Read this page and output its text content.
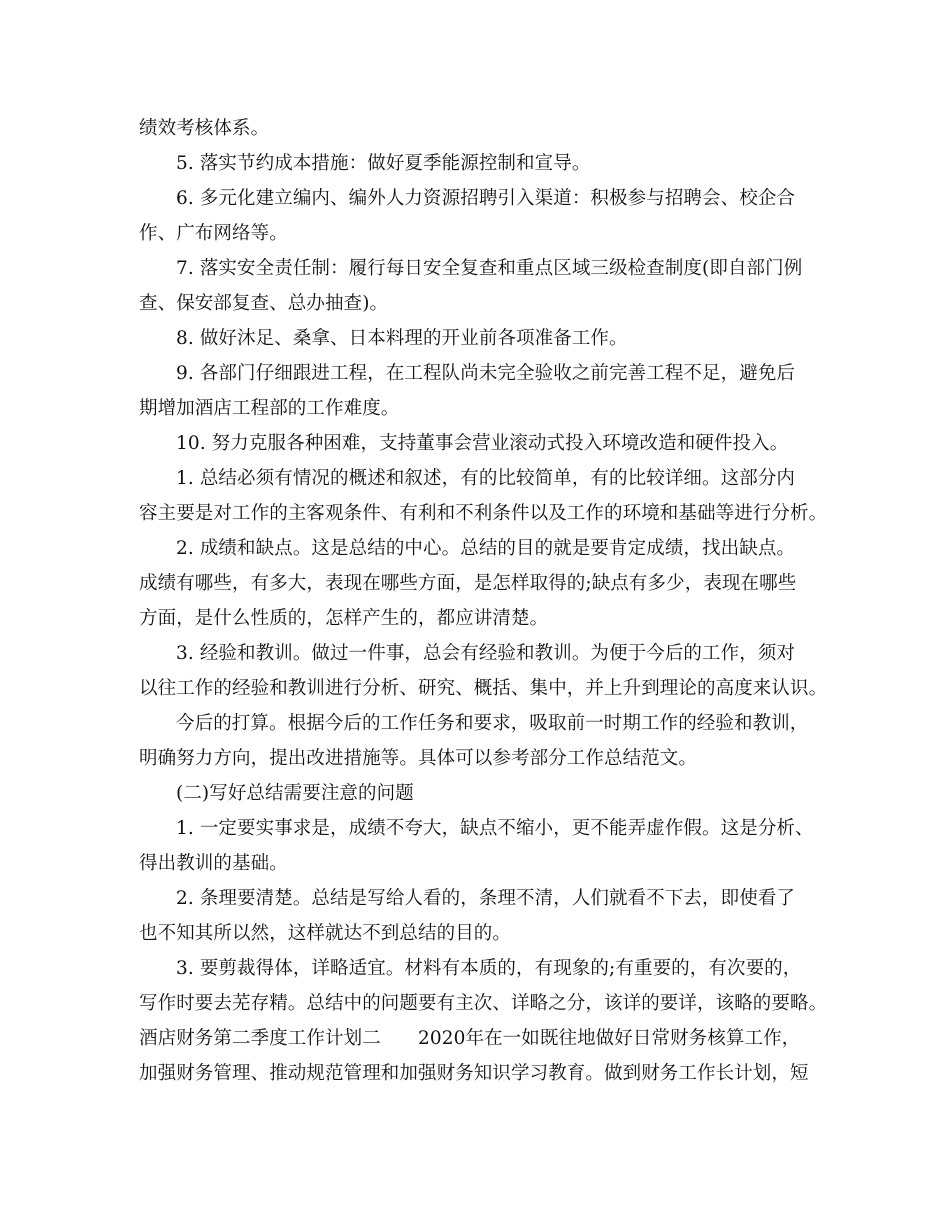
绩效考核体系。
5. 落实节约成本措施：做好夏季能源控制和宣导。
6. 多元化建立编内、编外人力资源招聘引入渠道：积极参与招聘会、校企合
作、广布网络等。
7. 落实安全责任制：履行每日安全复查和重点区域三级检查制度(即自部门例
查、保安部复查、总办抽查)。
8. 做好沐足、桑拿、日本料理的开业前各项准备工作。
9. 各部门仔细跟进工程，在工程队尚未完全验收之前完善工程不足，避免后
期增加酒店工程部的工作难度。
10. 努力克服各种困难，支持董事会营业滚动式投入环境改造和硬件投入。
1. 总结必须有情况的概述和叙述，有的比较简单，有的比较详细。这部分内
容主要是对工作的主客观条件、有利和不利条件以及工作的环境和基础等进行分析。
2. 成绩和缺点。这是总结的中心。总结的目的就是要肯定成绩，找出缺点。
成绩有哪些，有多大，表现在哪些方面，是怎样取得的;缺点有多少，表现在哪些
方面，是什么性质的，怎样产生的，都应讲清楚。
3. 经验和教训。做过一件事，总会有经验和教训。为便于今后的工作，须对
以往工作的经验和教训进行分析、研究、概括、集中，并上升到理论的高度来认识。
今后的打算。根据今后的工作任务和要求，吸取前一时期工作的经验和教训，
明确努力方向，提出改进措施等。具体可以参考部分工作总结范文。
(二)写好总结需要注意的问题
1. 一定要实事求是，成绩不夸大，缺点不缩小，更不能弄虚作假。这是分析、
得出教训的基础。
2. 条理要清楚。总结是写给人看的，条理不清，人们就看不下去，即使看了
也不知其所以然，这样就达不到总结的目的。
3. 要剪裁得体，详略适宜。材料有本质的，有现象的;有重要的，有次要的，
写作时要去芜存精。总结中的问题要有主次、详略之分，该详的要详，该略的要略。
酒店财务第二季度工作计划二　　2020年在一如既往地做好日常财务核算工作，
加强财务管理、推动规范管理和加强财务知识学习教育。做到财务工作长计划，短
